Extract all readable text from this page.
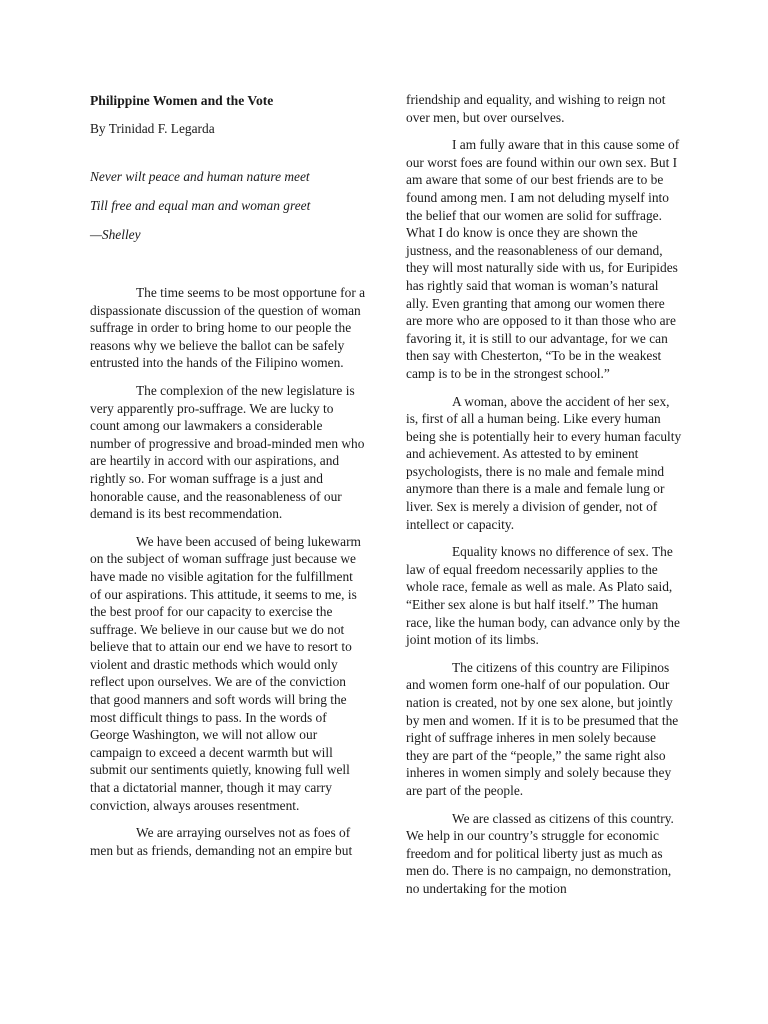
Philippine Women and the Vote

By Trinidad F. Legarda

Never wilt peace and human nature meet

Till free and equal man and woman greet

—Shelley

The time seems to be most opportune for a dispassionate discussion of the question of woman suffrage in order to bring home to our people the reasons why we believe the ballot can be safely entrusted into the hands of the Filipino women.

The complexion of the new legislature is very apparently pro-suffrage. We are lucky to count among our lawmakers a considerable number of progressive and broad-minded men who are heartily in accord with our aspirations, and rightly so. For woman suffrage is a just and honorable cause, and the reasonableness of our demand is its best recommendation.

We have been accused of being lukewarm on the subject of woman suffrage just because we have made no visible agitation for the fulfillment of our aspirations. This attitude, it seems to me, is the best proof for our capacity to exercise the suffrage. We believe in our cause but we do not believe that to attain our end we have to resort to violent and drastic methods which would only reflect upon ourselves. We are of the conviction that good manners and soft words will bring the most difficult things to pass. In the words of George Washington, we will not allow our campaign to exceed a decent warmth but will submit our sentiments quietly, knowing full well that a dictatorial manner, though it may carry conviction, always arouses resentment.

We are arraying ourselves not as foes of men but as friends, demanding not an empire but

friendship and equality, and wishing to reign not over men, but over ourselves.

I am fully aware that in this cause some of our worst foes are found within our own sex. But I am aware that some of our best friends are to be found among men. I am not deluding myself into the belief that our women are solid for suffrage. What I do know is once they are shown the justness, and the reasonableness of our demand, they will most naturally side with us, for Euripides has rightly said that woman is woman’s natural ally. Even granting that among our women there are more who are opposed to it than those who are favoring it, it is still to our advantage, for we can then say with Chesterton, “To be in the weakest camp is to be in the strongest school.”

A woman, above the accident of her sex, is, first of all a human being. Like every human being she is potentially heir to every human faculty and achievement. As attested to by eminent psychologists, there is no male and female mind anymore than there is a male and female lung or liver. Sex is merely a division of gender, not of intellect or capacity.

Equality knows no difference of sex. The law of equal freedom necessarily applies to the whole race, female as well as male. As Plato said, “Either sex alone is but half itself.” The human race, like the human body, can advance only by the joint motion of its limbs.

The citizens of this country are Filipinos and women form one-half of our population. Our nation is created, not by one sex alone, but jointly by men and women. If it is to be presumed that the right of suffrage inheres in men solely because they are part of the “people,” the same right also inheres in women simply and solely because they are part of the people.

We are classed as citizens of this country. We help in our country’s struggle for economic freedom and for political liberty just as much as men do. There is no campaign, no demonstration, no undertaking for the motion
